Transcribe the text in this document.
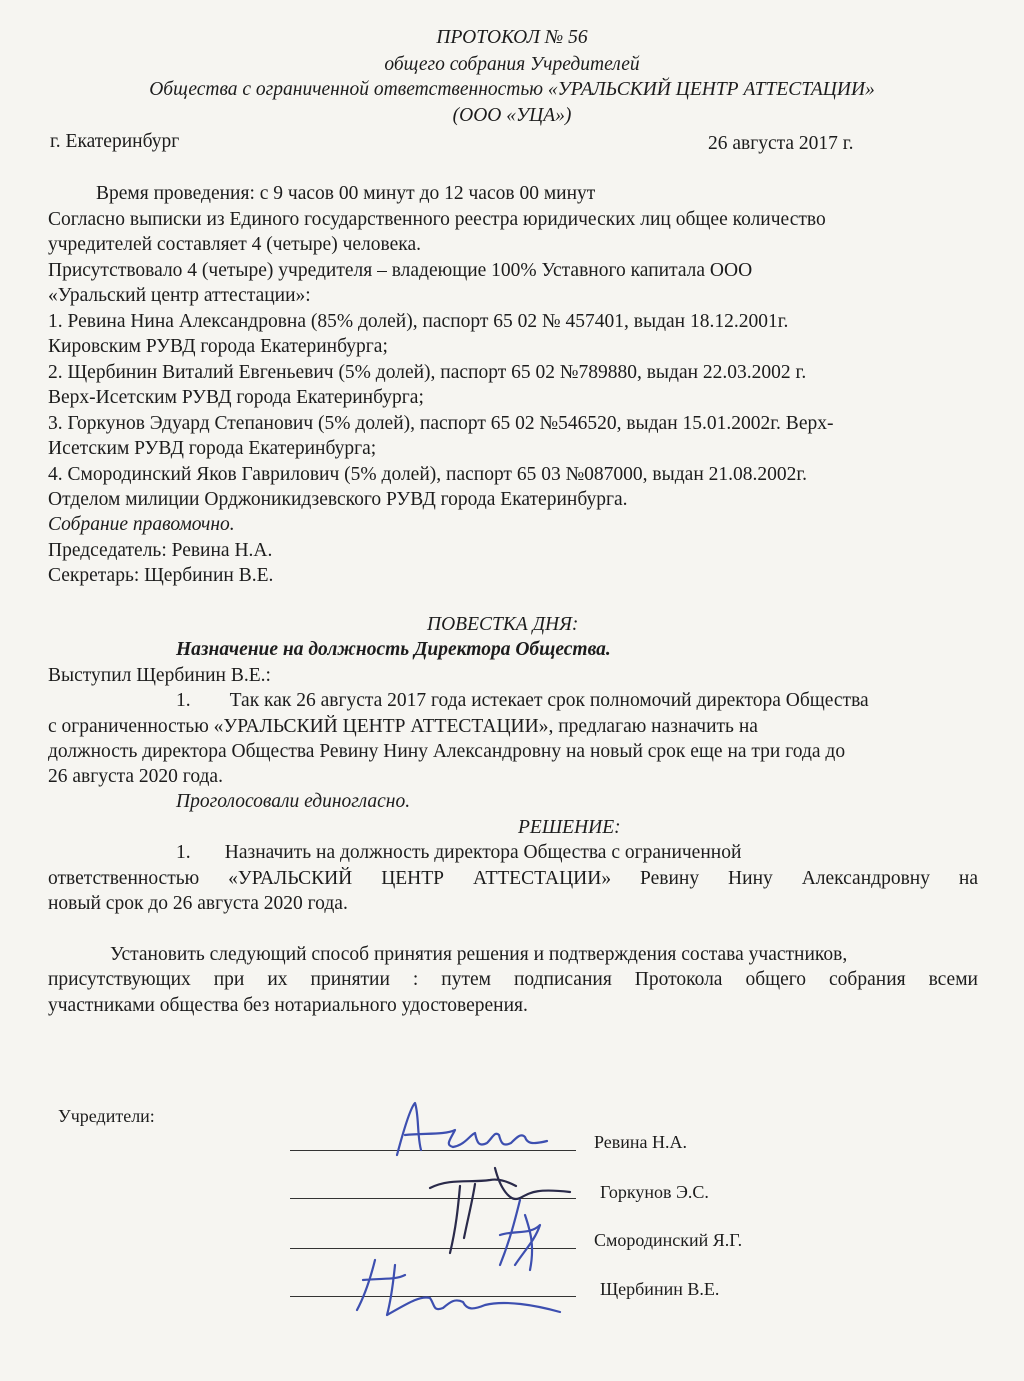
ПРОТОКОЛ № 56

общего собрания Учредителей

Общества с ограниченной ответственностью «УРАЛЬСКИЙ ЦЕНТР АТТЕСТАЦИИ»

(ООО «УЦА»)

г. Екатеринбург	26 августа 2017 г.

Время проведения: с 9 часов 00 минут до 12 часов 00 минут

Согласно выписки из Единого государственного реестра юридических лиц общее количество

учредителей составляет 4 (четыре) человека.

Присутствовало 4 (четыре) учредителя – владеющие 100% Уставного капитала ООО

«Уральский центр аттестации»:

1. Ревина Нина Александровна (85% долей), паспорт 65 02 № 457401, выдан 18.12.2001г.

Кировским РУВД города Екатеринбурга;

2. Щербинин Виталий Евгеньевич (5% долей), паспорт 65 02 №789880, выдан 22.03.2002 г.

Верх-Исетским РУВД города Екатеринбурга;

3. Горкунов Эдуард Степанович (5% долей), паспорт 65 02 №546520, выдан 15.01.2002г. Верх-

Исетским РУВД города Екатеринбурга;

4. Смородинский Яков Гаврилович (5% долей), паспорт 65 03 №087000, выдан 21.08.2002г.

Отделом милиции Орджоникидзевского РУВД города Екатеринбурга.

Собрание правомочно.

Председатель: Ревина Н.А.

Секретарь: Щербинин В.Е.

ПОВЕСТКА ДНЯ:

Назначение на должность Директора Общества.

Выступил Щербинин В.Е.:

1.        Так как 26 августа 2017 года истекает срок полномочий директора Общества

с ограниченностью «УРАЛЬСКИЙ ЦЕНТР АТТЕСТАЦИИ», предлагаю назначить на

должность директора Общества Ревину Нину Александровну на новый срок еще на три года до

26 августа 2020 года.

Проголосовали единогласно.

РЕШЕНИЕ:

1.       Назначить на должность директора Общества с ограниченной

ответственностью «УРАЛЬСКИЙ ЦЕНТР АТТЕСТАЦИИ» Ревину Нину Александровну на

новый срок до 26 августа 2020 года.

Установить следующий способ принятия решения и подтверждения состава участников,

присутствующих при их принятии : путем подписания Протокола общего собрания всеми

участниками общества без нотариального удостоверения.

Учредители:

Ревина Н.А.

Горкунов Э.С.

Смородинский Я.Г.

Щербинин В.Е.
